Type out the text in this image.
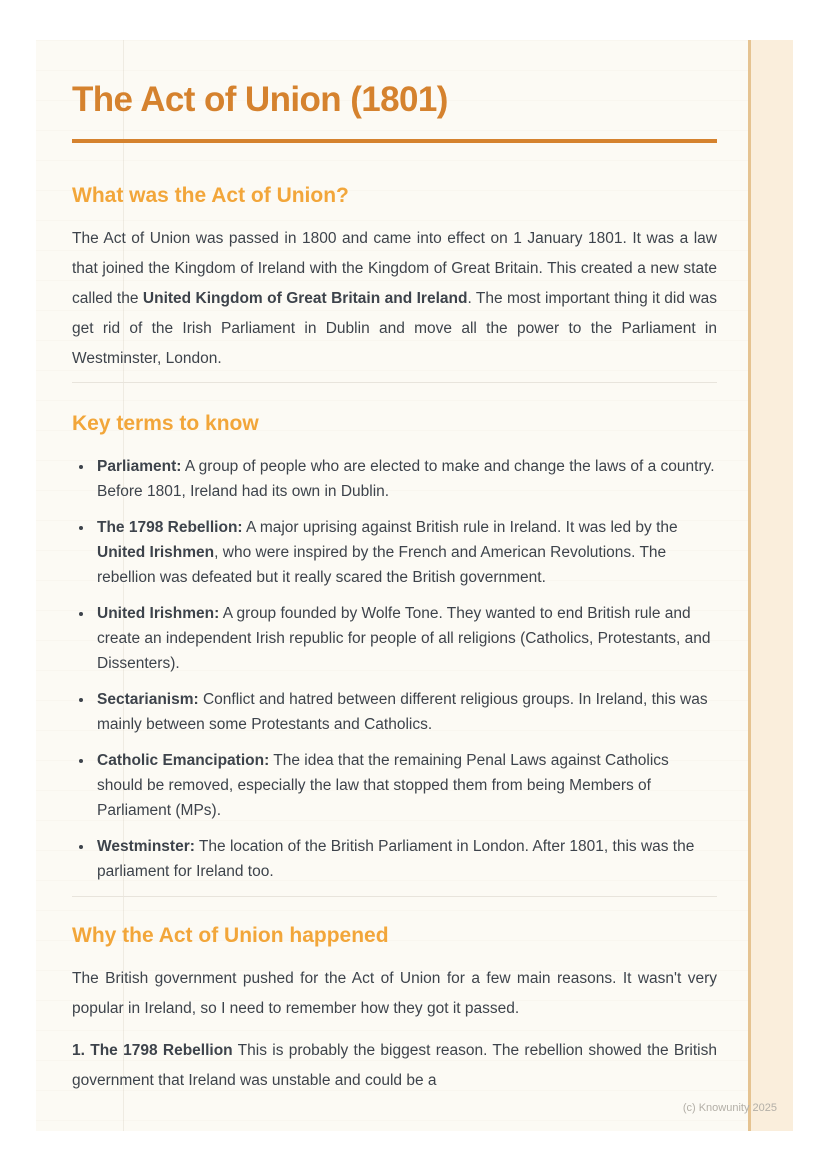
The Act of Union (1801)
What was the Act of Union?

The Act of Union was passed in 1800 and came into effect on 1 January 1801. It was a law that joined the Kingdom of Ireland with the Kingdom of Great Britain. This created a new state called the United Kingdom of Great Britain and Ireland. The most important thing it did was get rid of the Irish Parliament in Dublin and move all the power to the Parliament in Westminster, London.

Key terms to know
• Parliament: A group of people who are elected to make and change the laws of a country. Before 1801, Ireland had its own in Dublin.
• The 1798 Rebellion: A major uprising against British rule in Ireland. It was led by the United Irishmen, who were inspired by the French and American Revolutions. The rebellion was defeated but it really scared the British government.
• United Irishmen: A group founded by Wolfe Tone. They wanted to end British rule and create an independent Irish republic for people of all religions (Catholics, Protestants, and Dissenters).
• Sectarianism: Conflict and hatred between different religious groups. In Ireland, this was mainly between some Protestants and Catholics.
• Catholic Emancipation: The idea that the remaining Penal Laws against Catholics should be removed, especially the law that stopped them from being Members of Parliament (MPs).
• Westminster: The location of the British Parliament in London. After 1801, this was the parliament for Ireland too.
Why the Act of Union happened

The British government pushed for the Act of Union for a few main reasons. It wasn't very popular in Ireland, so I need to remember how they got it passed.

1. The 1798 Rebellion This is probably the biggest reason. The rebellion showed the British government that Ireland was unstable and could be a

(c) Knowunity 2025
